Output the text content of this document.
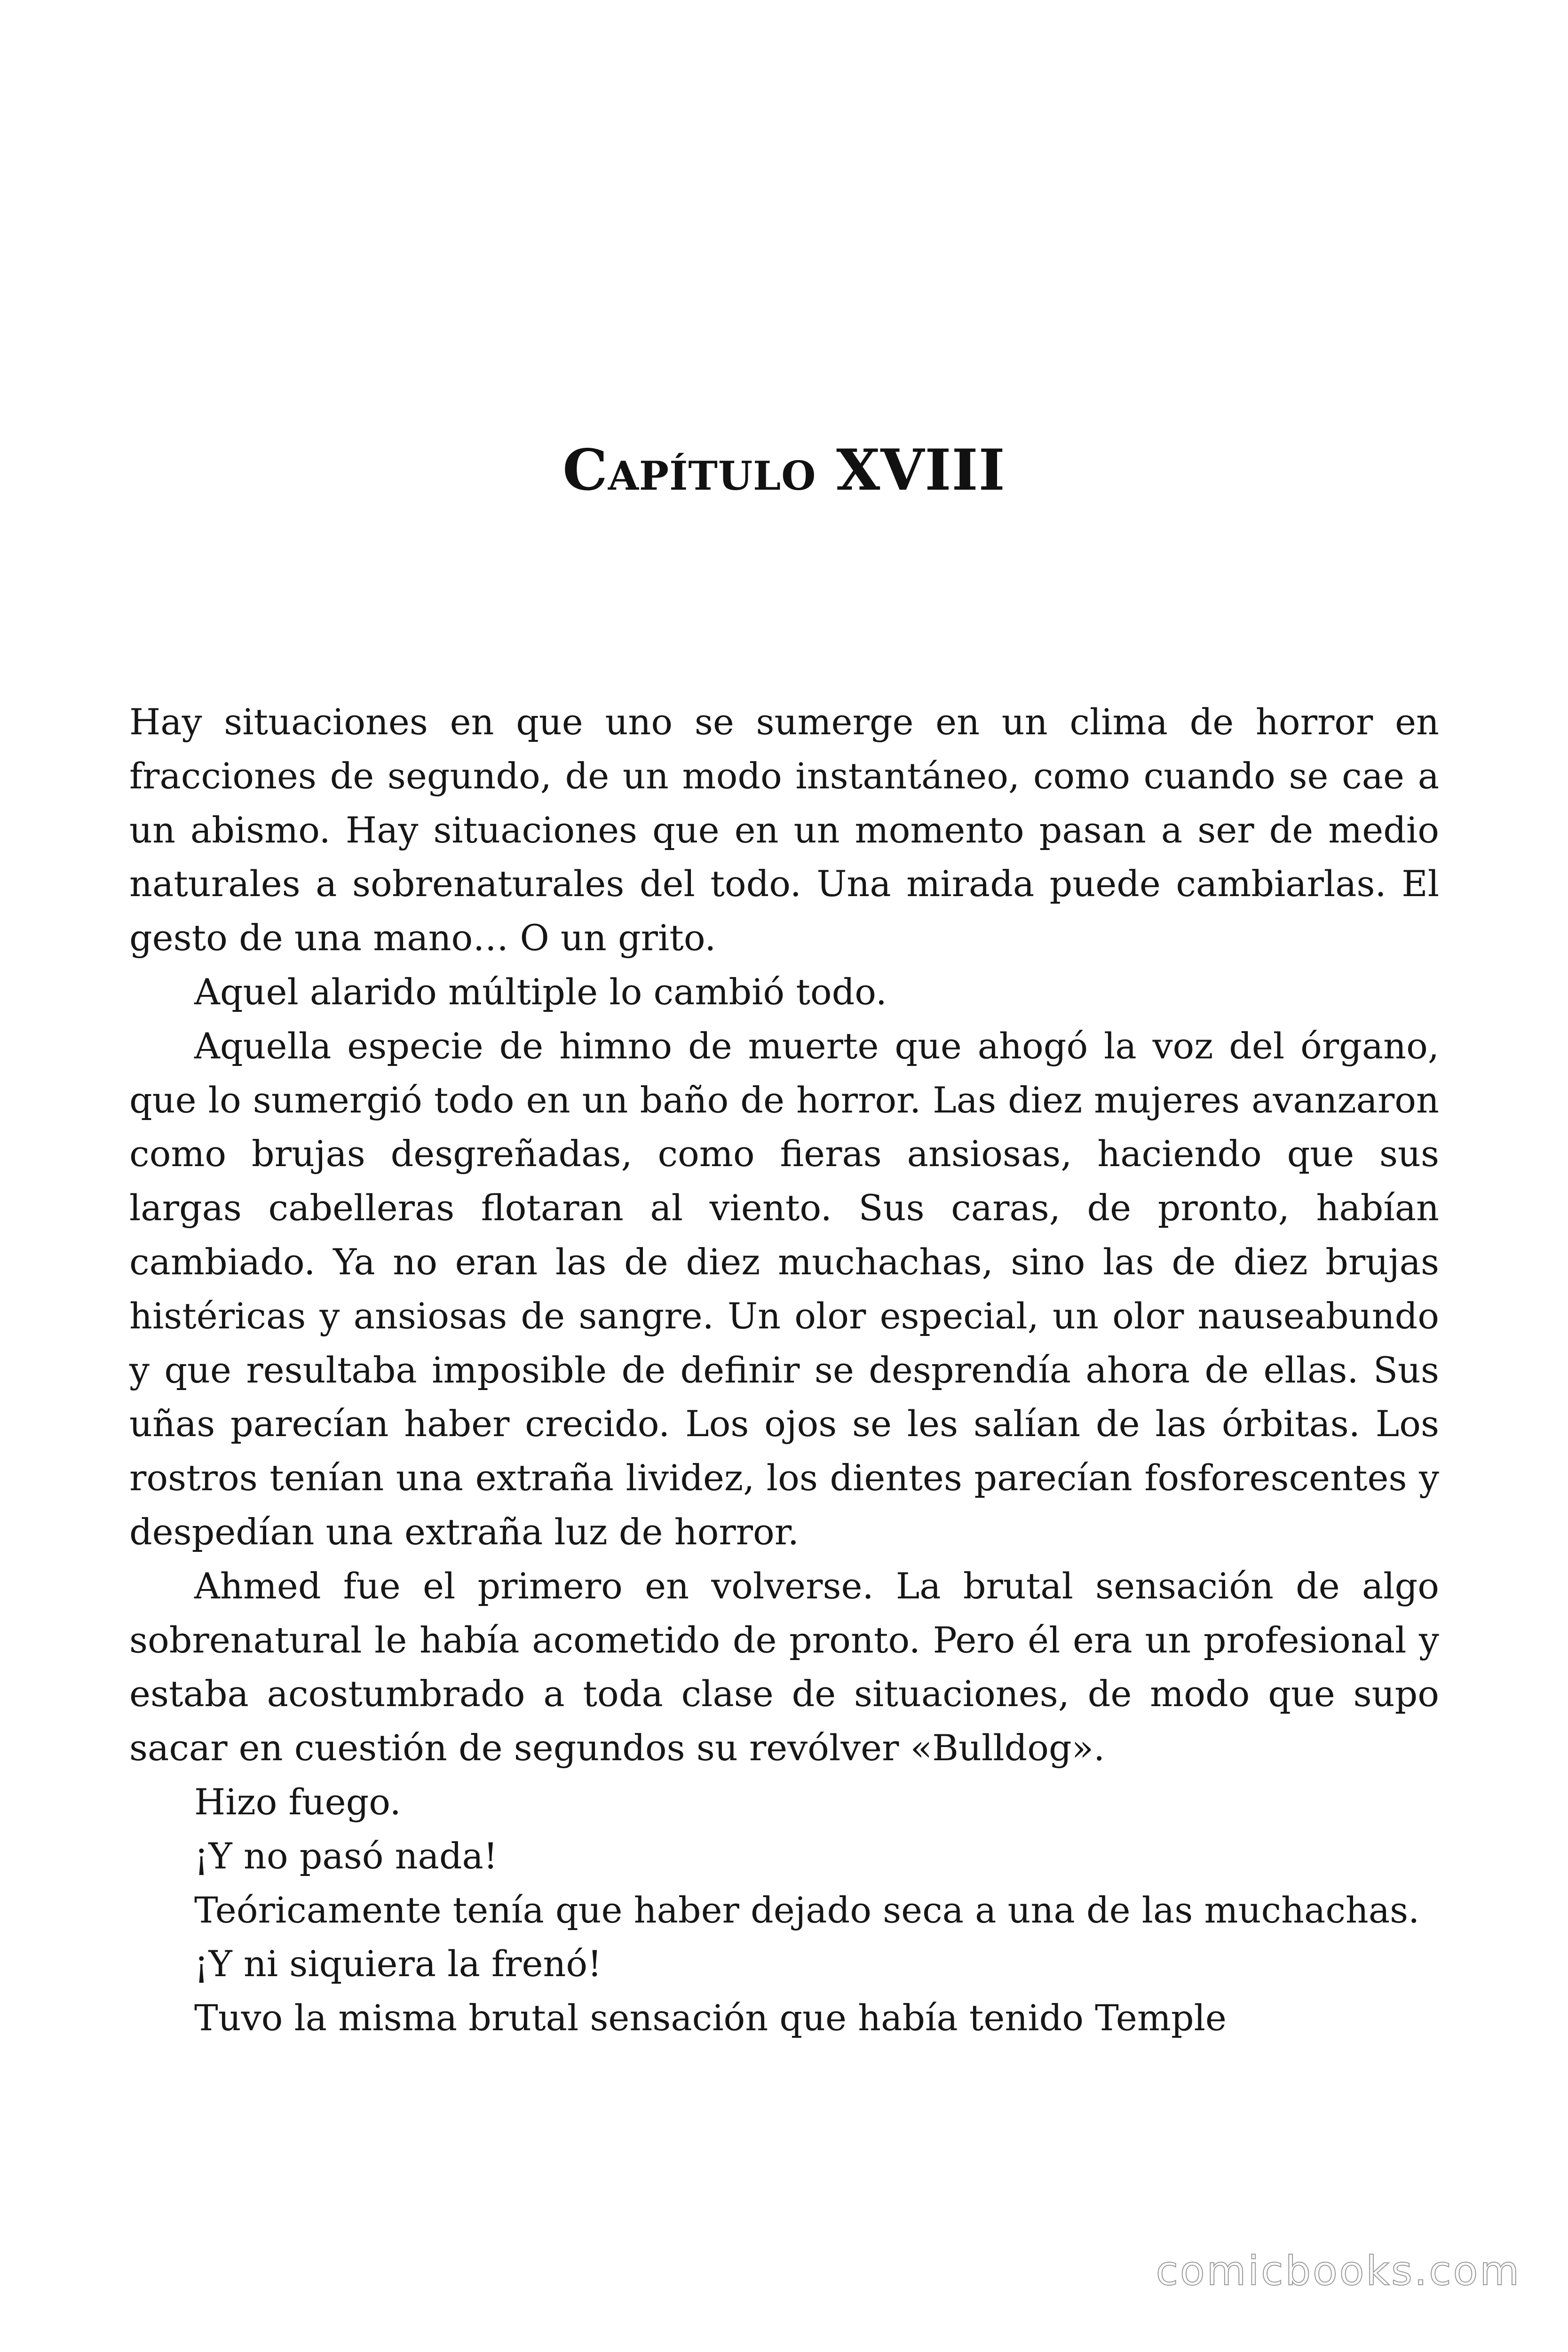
Capítulo XVIII

Hay situaciones en que uno se sumerge en un clima de horror en fracciones de segundo, de un modo instantáneo, como cuando se cae a un abismo. Hay situaciones que en un momento pasan a ser de medio naturales a sobrenaturales del todo. Una mirada puede cambiarlas. El gesto de una mano… O un grito.

Aquel alarido múltiple lo cambió todo.

Aquella especie de himno de muerte que ahogó la voz del órgano, que lo sumergió todo en un baño de horror. Las diez mujeres avanzaron como brujas desgreñadas, como fieras ansiosas, haciendo que sus largas cabelleras flotaran al viento. Sus caras, de pronto, habían cambiado. Ya no eran las de diez muchachas, sino las de diez brujas histéricas y ansiosas de sangre. Un olor especial, un olor nauseabundo y que resultaba imposible de definir se desprendía ahora de ellas. Sus uñas parecían haber crecido. Los ojos se les salían de las órbitas. Los rostros tenían una extraña lividez, los dientes parecían fosforescentes y despedían una extraña luz de horror.

Ahmed fue el primero en volverse. La brutal sensación de algo sobrenatural le había acometido de pronto. Pero él era un profesional y estaba acostumbrado a toda clase de situaciones, de modo que supo sacar en cuestión de segundos su revólver «Bulldog».

Hizo fuego.

¡Y no pasó nada!

Teóricamente tenía que haber dejado seca a una de las muchachas.

¡Y ni siquiera la frenó!

Tuvo la misma brutal sensación que había tenido Temple

comicbooks.com
